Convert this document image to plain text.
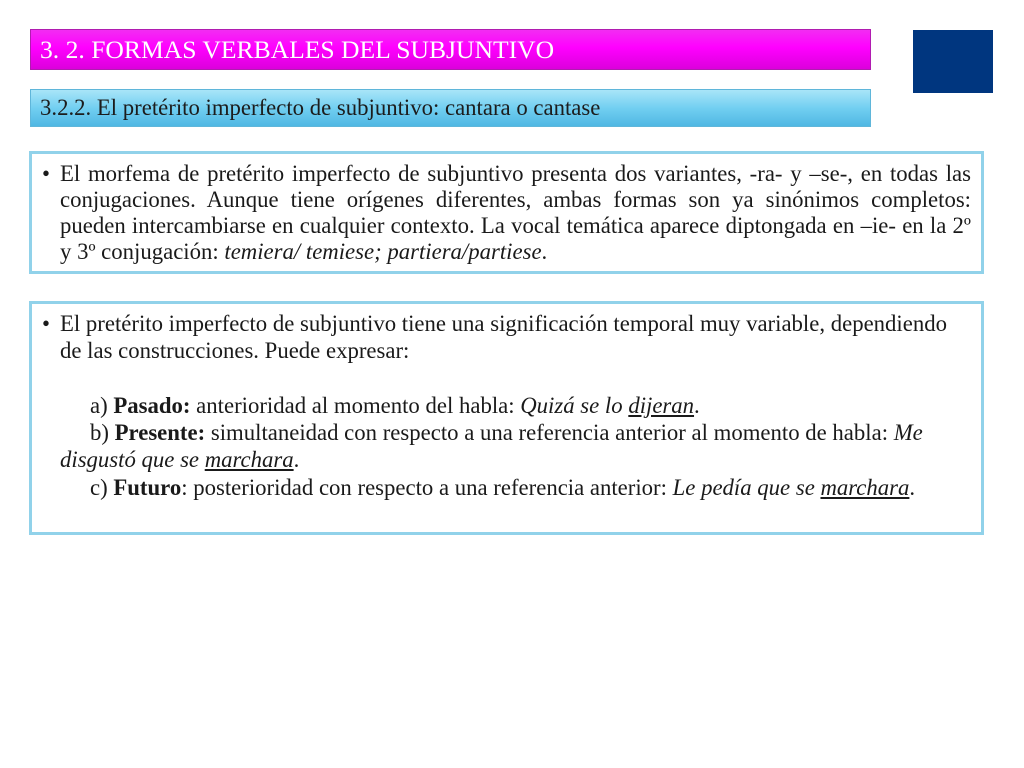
3. 2. FORMAS VERBALES DEL SUBJUNTIVO
3.2.2. El pretérito imperfecto de subjuntivo: cantara o cantase
• El morfema de pretérito imperfecto de subjuntivo presenta dos variantes, -ra- y –se-, en todas las
conjugaciones. Aunque tiene orígenes diferentes, ambas formas son ya sinónimos completos:
pueden intercambiarse en cualquier contexto. La vocal temática aparece diptongada en –ie- en la 2º
y 3º conjugación: temiera/ temiese; partiera/partiese.
• El pretérito imperfecto de subjuntivo tiene una significación temporal muy variable, dependiendo
de las construcciones. Puede expresar:
a) Pasado: anterioridad al momento del habla: Quizá se lo dijeran.
b) Presente: simultaneidad con respecto a una referencia anterior al momento de habla: Me
disgustó que se marchara.
c) Futuro: posterioridad con respecto a una referencia anterior: Le pedía que se marchara.
